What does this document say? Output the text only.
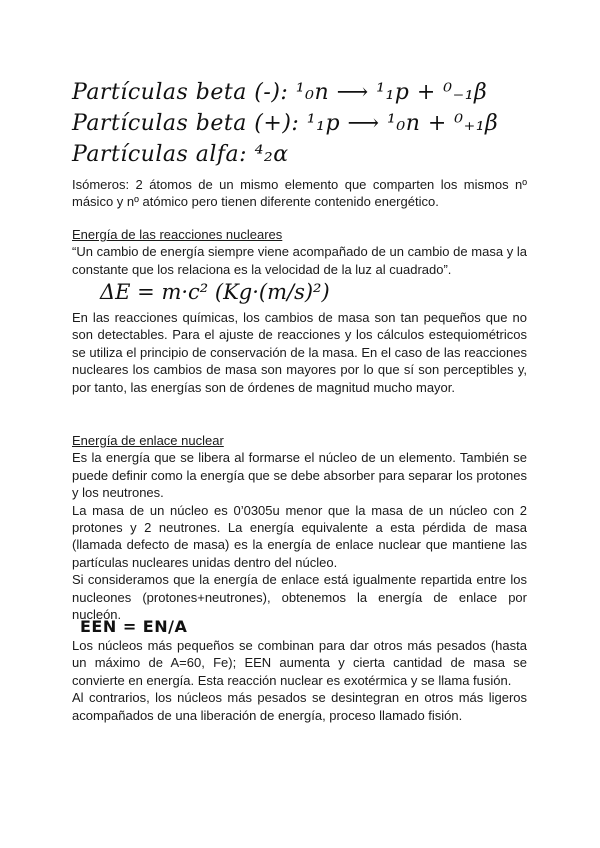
Partículas beta (-): ¹₀n ⟶ ¹₁p + ⁰₋₁β
Partículas beta (+): ¹₁p ⟶ ¹₀n + ⁰₊₁β
Partículas alfa: ⁴₂α

Isómeros: 2 átomos de un mismo elemento que comparten los mismos nº másico y nº atómico pero tienen diferente contenido energético.

Energía de las reacciones nucleares

“Un cambio de energía siempre viene acompañado de un cambio de masa y la constante que los relaciona es la velocidad de la luz al cuadrado”.

ΔE = m·c² (Kg·(m/s)²)

En las reacciones químicas, los cambios de masa son tan pequeños que no son detectables. Para el ajuste de reacciones y los cálculos estequiométricos se utiliza el principio de conservación de la masa. En el caso de las reacciones nucleares los cambios de masa son mayores por lo que sí son perceptibles y, por tanto, las energías son de órdenes de magnitud mucho mayor.

Energía de enlace nuclear

Es la energía que se libera al formarse el núcleo de un elemento. También se puede definir como la energía que se debe absorber para separar los protones y los neutrones.

La masa de un núcleo es 0’0305u menor que la masa de un núcleo con 2 protones y 2 neutrones. La energía equivalente a esta pérdida de masa (llamada defecto de masa) es la energía de enlace nuclear que mantiene las partículas nucleares unidas dentro del núcleo.

Si consideramos que la energía de enlace está igualmente repartida entre los nucleones (protones+neutrones), obtenemos la energía de enlace por nucleón.

EEN = EN/A

Los núcleos más pequeños se combinan para dar otros más pesados (hasta un máximo de A=60, Fe); EEN aumenta y cierta cantidad de masa se convierte en energía. Esta reacción nuclear es exotérmica y se llama fusión.

Al contrarios, los núcleos más pesados se desintegran en otros más ligeros acompañados de una liberación de energía, proceso llamado fisión.
